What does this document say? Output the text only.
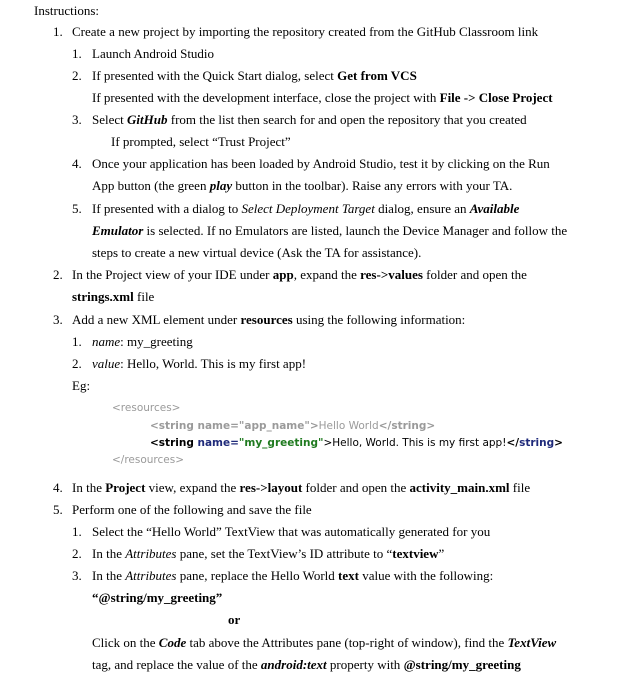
Instructions:
1. Create a new project by importing the repository created from the GitHub Classroom link
1. Launch Android Studio
2. If presented with the Quick Start dialog, select Get from VCS
If presented with the development interface, close the project with File -> Close Project
3. Select GitHub from the list then search for and open the repository that you created
If prompted, select “Trust Project”
4. Once your application has been loaded by Android Studio, test it by clicking on the Run
App button (the green play button in the toolbar). Raise any errors with your TA.
5. If presented with a dialog to Select Deployment Target dialog, ensure an Available
Emulator is selected. If no Emulators are listed, launch the Device Manager and follow the
steps to create a new virtual device (Ask the TA for assistance).
2. In the Project view of your IDE under app, expand the res->values folder and open the
strings.xml file
3. Add a new XML element under resources using the following information:
1. name: my_greeting
2. value: Hello, World. This is my first app!
Eg:
<resources>
<string name="app_name">Hello World</string>
<string name="my_greeting">Hello, World. This is my first app!</string>
</resources>
4. In the Project view, expand the res->layout folder and open the activity_main.xml file
5. Perform one of the following and save the file
1. Select the “Hello World” TextView that was automatically generated for you
2. In the Attributes pane, set the TextView’s ID attribute to “textview”
3. In the Attributes pane, replace the Hello World text value with the following:
“@string/my_greeting”
or
Click on the Code tab above the Attributes pane (top-right of window), find the TextView
tag, and replace the value of the android:text property with @string/my_greeting
